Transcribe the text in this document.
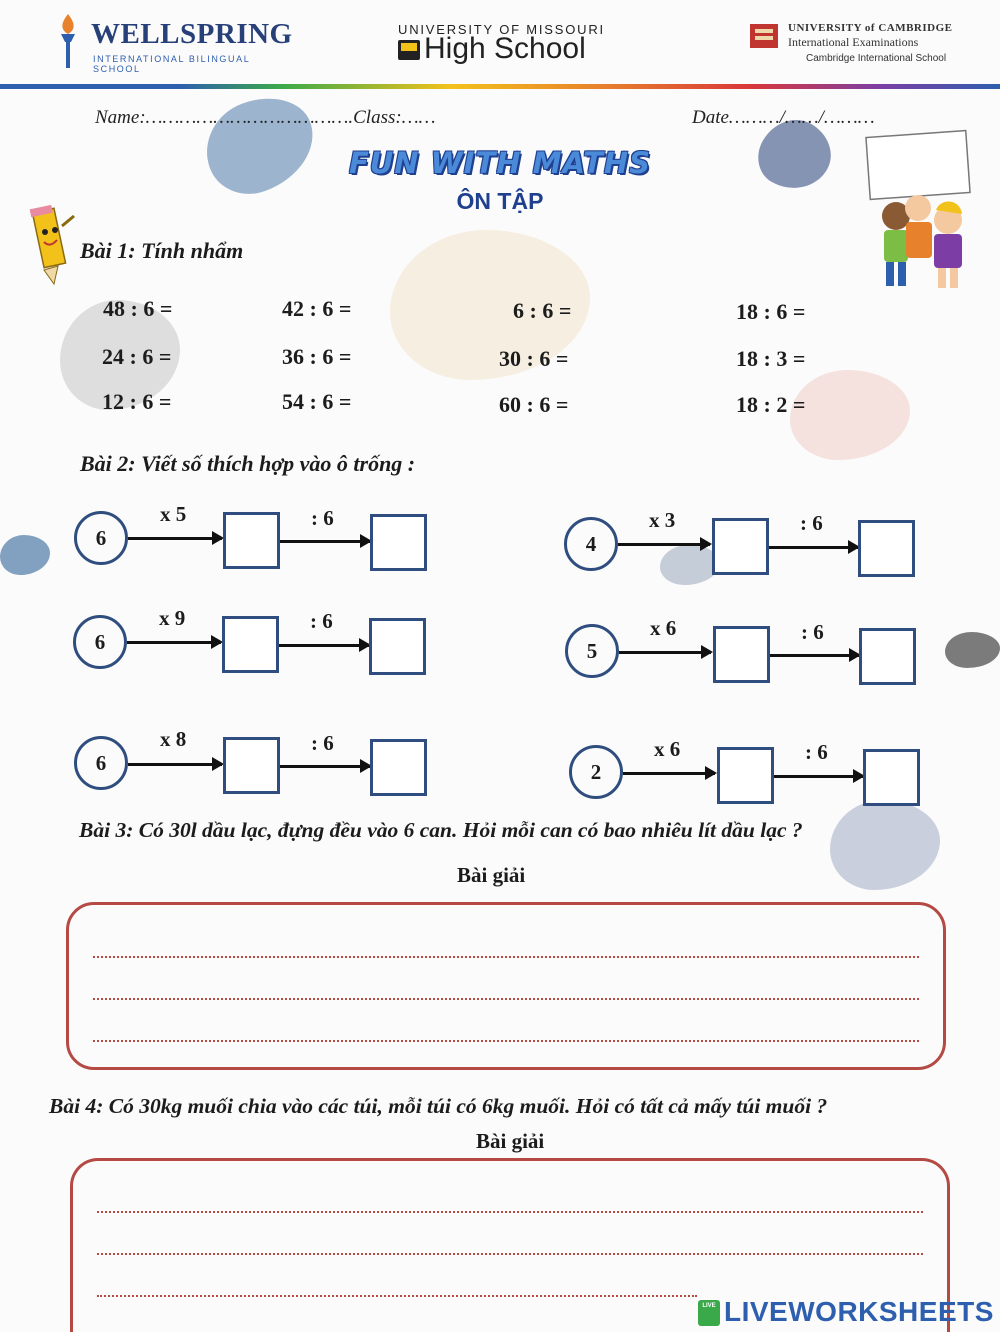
WELLSPRING
INTERNATIONAL BILINGUAL SCHOOL
UNIVERSITY OF MISSOURI
High School
UNIVERSITY of CAMBRIDGE
International Examinations
Cambridge International School
Name:……………………………….Class:……	Date………/……/………
FUN WITH MATHS
ÔN TẬP
Bài 1: Tính nhẩm
48 : 6 =	42 : 6 =	6 : 6 =	18 : 6 =
24 : 6 =	36 : 6 =	30 : 6 =	18 : 3 =
12 : 6 =	54 : 6 =	60 : 6 =	18 : 2 =
Bài 2: Viết số thích hợp vào ô trống :
6
x 5	: 6
4
x 3	: 6
6
x 9	: 6
5
x 6	: 6
6
x 8	: 6
2
x 6	: 6
Bài 3: Có 30l dầu lạc, đựng đều vào 6 can. Hỏi mỗi can có bao nhiêu lít dầu lạc ?
Bài giải
Bài 4: Có 30kg muối chia vào các túi, mỗi túi có 6kg muối. Hỏi có tất cả mấy túi muối ?
Bài giải
LIVE LIVEWORKSHEETS
